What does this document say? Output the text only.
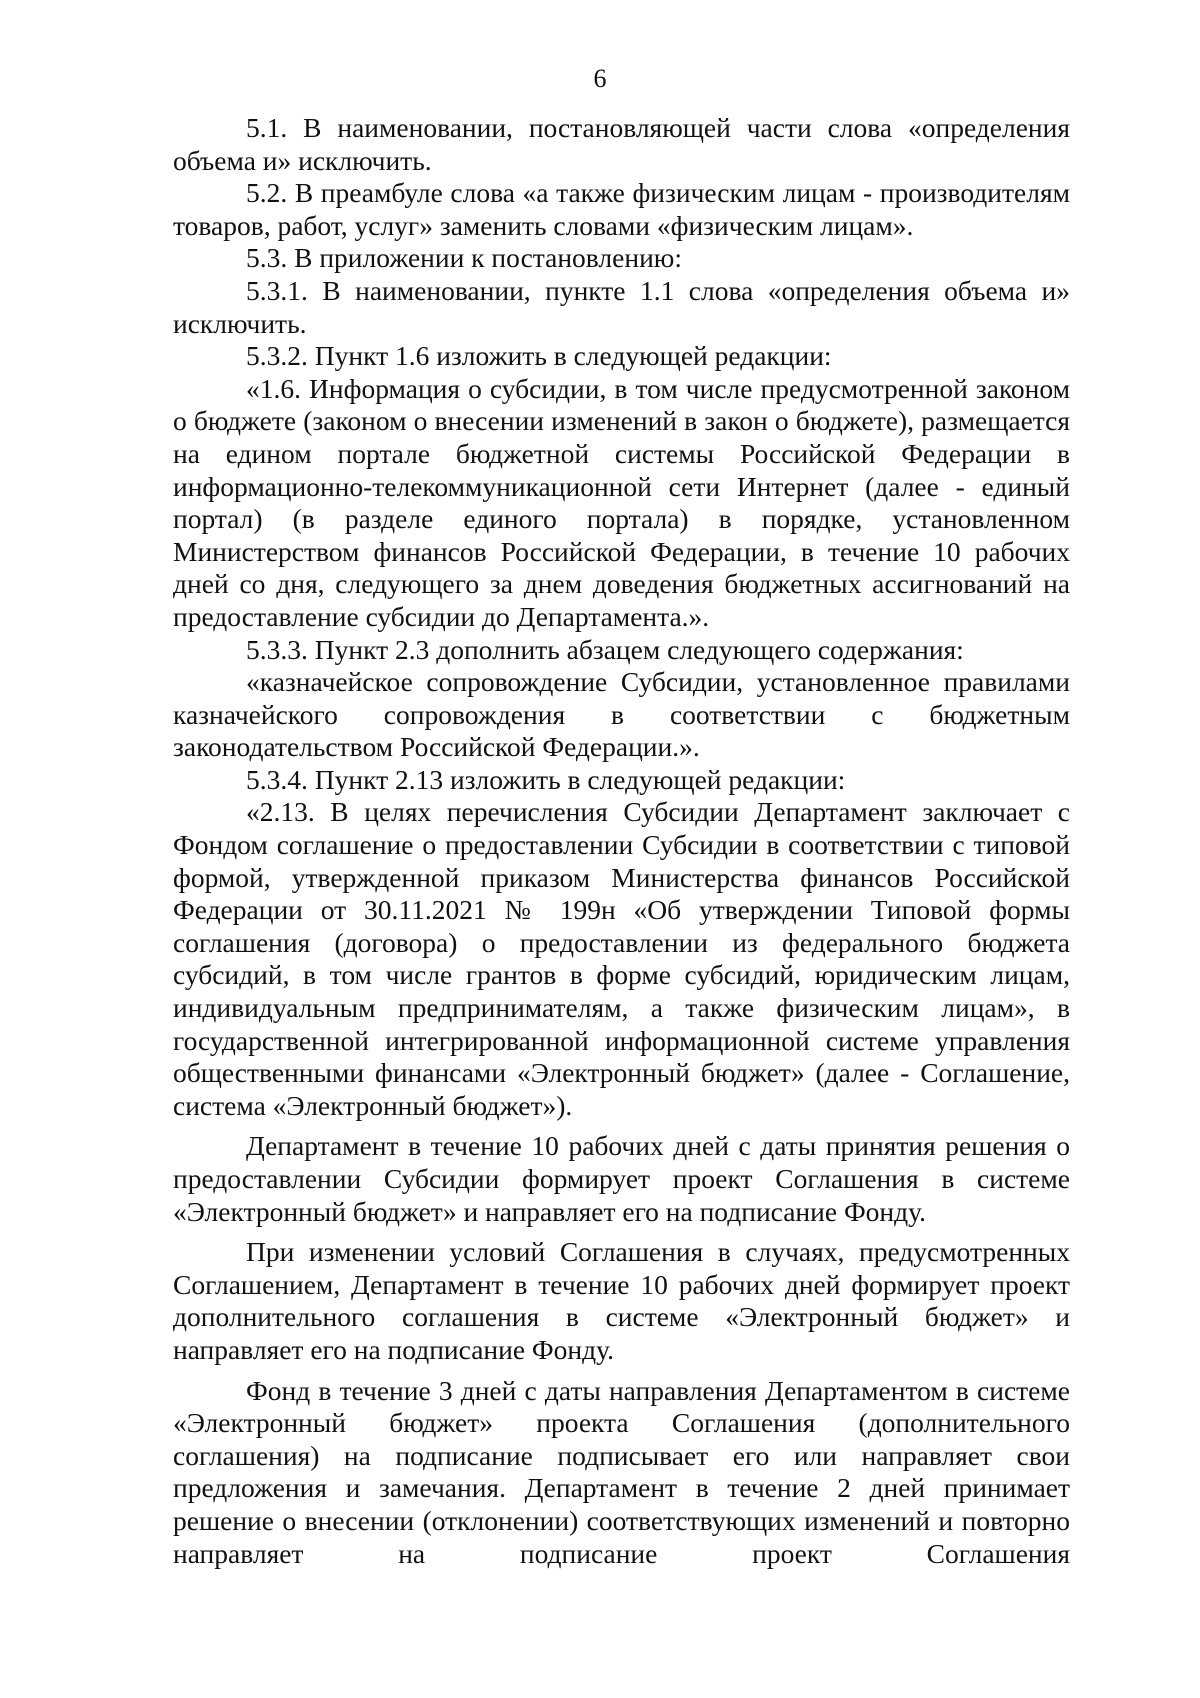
6

5.1. В наименовании, постановляющей части слова «определения объема и» исключить.

5.2. В преамбуле слова «а также физическим лицам - производителям товаров, работ, услуг» заменить словами «физическим лицам».

5.3. В приложении к постановлению:

5.3.1. В наименовании, пункте 1.1 слова «определения объема и» исключить.

5.3.2. Пункт 1.6 изложить в следующей редакции:

«1.6. Информация о субсидии, в том числе предусмотренной законом о бюджете (законом о внесении изменений в закон о бюджете), размещается на едином портале бюджетной системы Российской Федерации в информационно-телекоммуникационной сети Интернет (далее - единый портал) (в разделе единого портала) в порядке, установленном Министерством финансов Российской Федерации, в течение 10 рабочих дней со дня, следующего за днем доведения бюджетных ассигнований на предоставление субсидии до Департамента.».

5.3.3. Пункт 2.3 дополнить абзацем следующего содержания:

«казначейское сопровождение Субсидии, установленное правилами казначейского сопровождения в соответствии с бюджетным законодательством Российской Федерации.».

5.3.4. Пункт 2.13 изложить в следующей редакции:

«2.13. В целях перечисления Субсидии Департамент заключает с Фондом соглашение о предоставлении Субсидии в соответствии с типовой формой, утвержденной приказом Министерства финансов Российской Федерации от 30.11.2021 № 199н «Об утверждении Типовой формы соглашения (договора) о предоставлении из федерального бюджета субсидий, в том числе грантов в форме субсидий, юридическим лицам, индивидуальным предпринимателям, а также физическим лицам», в государственной интегрированной информационной системе управления общественными финансами «Электронный бюджет» (далее - Соглашение, система «Электронный бюджет»).

Департамент в течение 10 рабочих дней с даты принятия решения о предоставлении Субсидии формирует проект Соглашения в системе «Электронный бюджет» и направляет его на подписание Фонду.

При изменении условий Соглашения в случаях, предусмотренных Соглашением, Департамент в течение 10 рабочих дней формирует проект дополнительного соглашения в системе «Электронный бюджет» и направляет его на подписание Фонду.

Фонд в течение 3 дней с даты направления Департаментом в системе «Электронный бюджет» проекта Соглашения (дополнительного соглашения) на подписание подписывает его или направляет свои предложения и замечания. Департамент в течение 2 дней принимает решение о внесении (отклонении) соответствующих изменений и повторно направляет на подписание проект Соглашения
